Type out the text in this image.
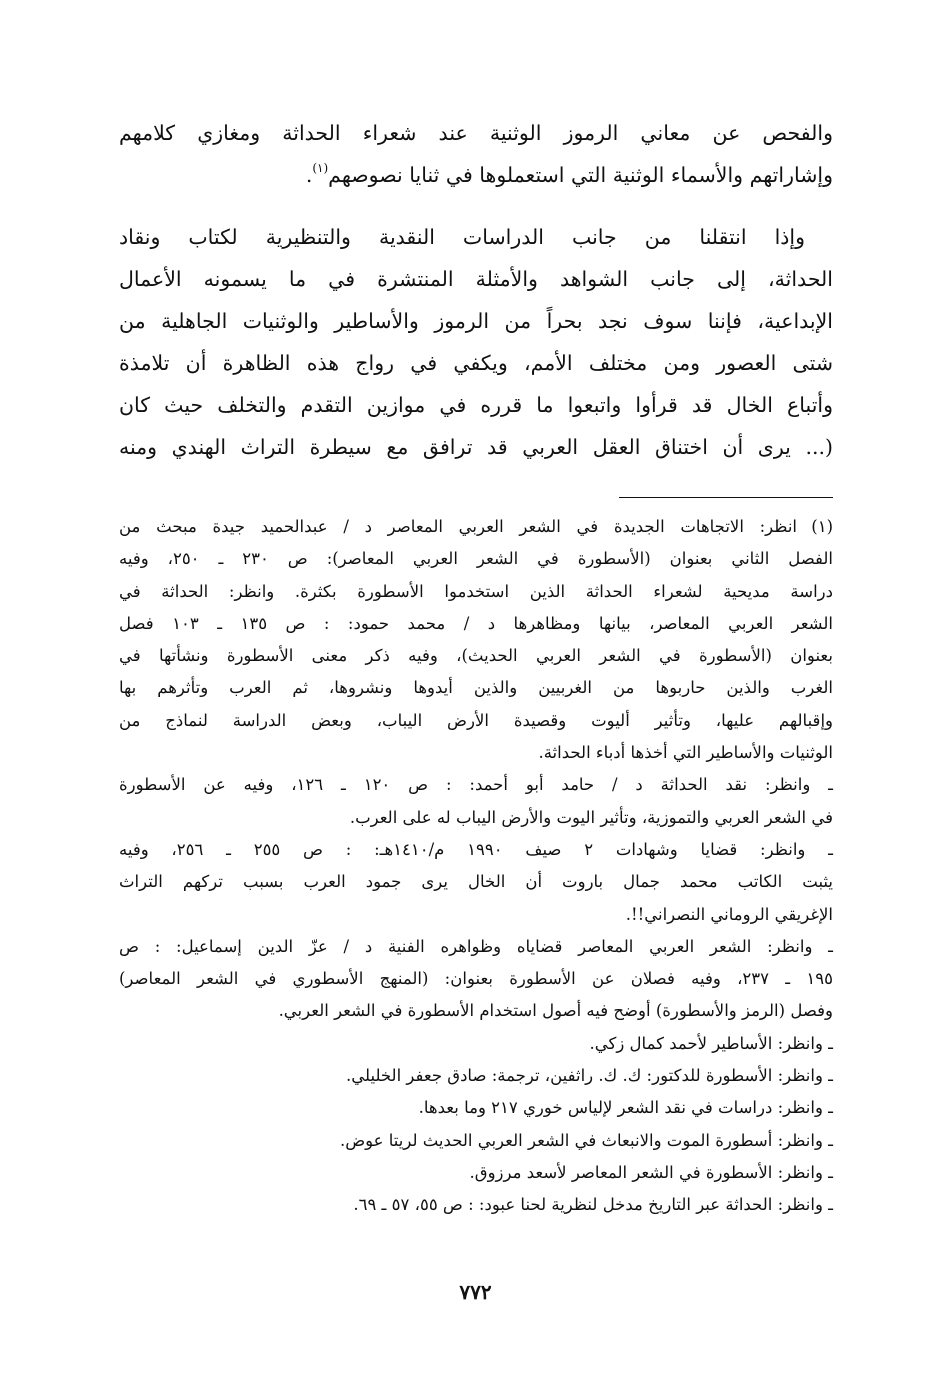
والفحص عن معاني الرموز الوثنية عند شعراء الحداثة ومغازي كلامهم
وإشاراتهم والأسماء الوثنية التي استعملوها في ثنايا نصوصهم$^{(١)}$.
وإذا انتقلنا من جانب الدراسات النقدية والتنظيرية لكتاب ونقاد
الحداثة، إلى جانب الشواهد والأمثلة المنتشرة في ما يسمونه الأعمال
الإبداعية، فإننا سوف نجد بحراً من الرموز والأساطير والوثنيات الجاهلية من
شتى العصور ومن مختلف الأمم، ويكفي في رواج هذه الظاهرة أن تلامذة
وأتباع الخال قد قرأوا واتبعوا ما قرره في موازين التقدم والتخلف حيث كان
(... يرى أن اختناق العقل العربي قد ترافق مع سيطرة التراث الهندي ومنه
(١)
انظر: الاتجاهات الجديدة في الشعر العربي المعاصر د / عبدالحميد جيدة مبحث من
الفصل الثاني بعنوان (الأسطورة في الشعر العربي المعاصر): ص ٢٣٠ ـ ٢٥٠، وفيه
دراسة مديحية لشعراء الحداثة الذين استخدموا الأسطورة بكثرة. وانظر: الحداثة في
الشعر العربي المعاصر، بيانها ومظاهرها د / محمد حمود: : ص ١٣٥ ـ ١٠٣ فصل
بعنوان (الأسطورة في الشعر العربي الحديث)، وفيه ذكر معنى الأسطورة ونشأتها في
الغرب والذين حاربوها من الغربيين والذين أيدوها ونشروها، ثم العرب وتأثرهم بها
وإقبالهم عليها، وتأثير أليوت وقصيدة الأرض اليباب، وبعض الدراسة لنماذج من
الوثنيات والأساطير التي أخذها أدباء الحداثة.
ـ وانظر: نقد الحداثة د / حامد أبو أحمد: : ص ١٢٠ ـ ١٢٦، وفيه عن الأسطورة
في الشعر العربي والتموزية، وتأثير اليوت والأرض اليباب له على العرب.
ـ وانظر: قضايا وشهادات ٢ صيف ١٩٩٠ م/١٤١٠هـ: : ص ٢٥٥ ـ ٢٥٦، وفيه
يثبت الكاتب محمد جمال باروت أن الخال يرى جمود العرب بسبب تركهم التراث
الإغريقي الروماني النصراني!!.
ـ وانظر: الشعر العربي المعاصر قضاياه وظواهره الفنية د / عزّ الدين إسماعيل: : ص
١٩٥ ـ ٢٣٧، وفيه فصلان عن الأسطورة بعنوان: (المنهج الأسطوري في الشعر المعاصر)
وفصل (الرمز والأسطورة) أوضح فيه أصول استخدام الأسطورة في الشعر العربي.
ـ وانظر: الأساطير لأحمد كمال زكي.
ـ وانظر: الأسطورة للدكتور: ك. ك. راثفين، ترجمة: صادق جعفر الخليلي.
ـ وانظر: دراسات في نقد الشعر لإلياس خوري ٢١٧ وما بعدها.
ـ وانظر: أسطورة الموت والانبعاث في الشعر العربي الحديث لريتا عوض.
ـ وانظر: الأسطورة في الشعر المعاصر لأسعد مرزوق.
ـ وانظر: الحداثة عبر التاريخ مدخل لنظرية لحنا عبود: : ص ٥٥، ٥٧ ـ ٦٩.
٧٧٢
